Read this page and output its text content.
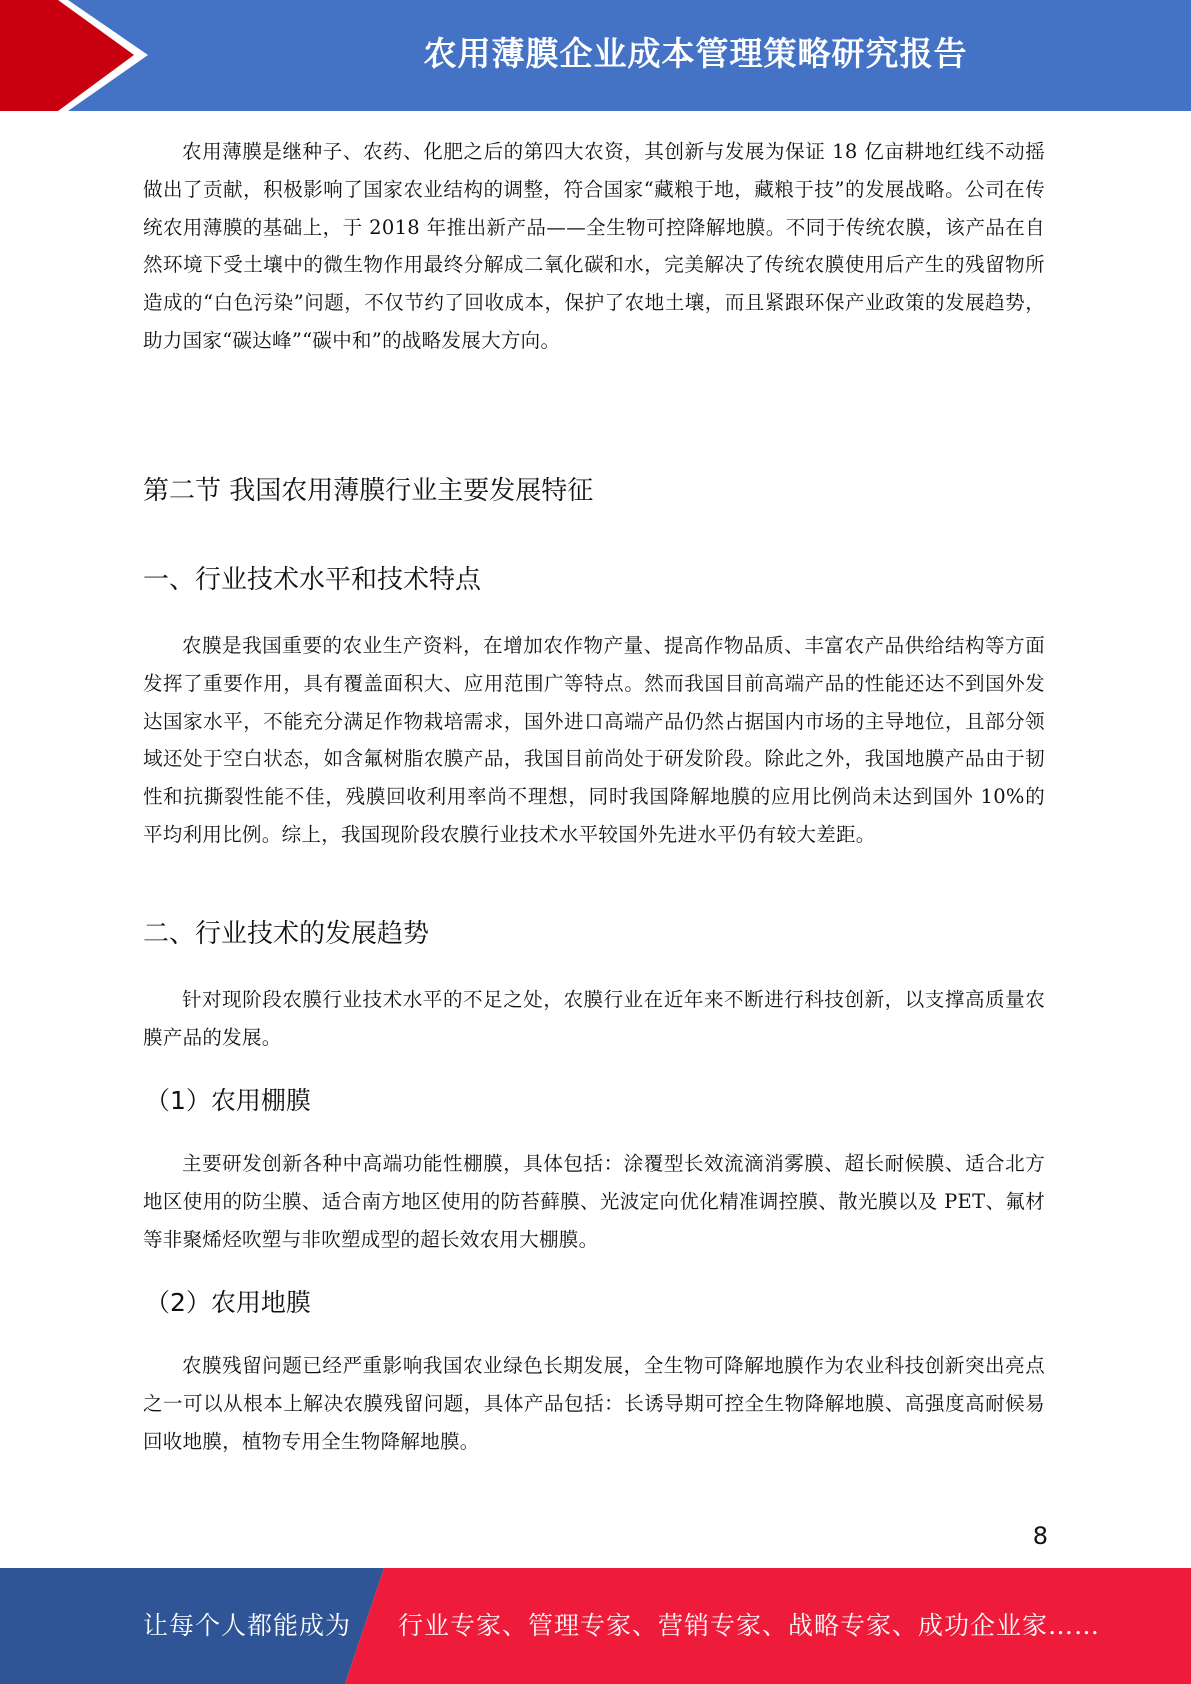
农用薄膜企业成本管理策略研究报告

农用薄膜是继种子、农药、化肥之后的第四大农资，其创新与发展为保证 18 亿亩耕地红线不动摇做出了贡献，积极影响了国家农业结构的调整，符合国家“藏粮于地，藏粮于技”的发展战略。公司在传统农用薄膜的基础上，于 2018 年推出新产品——全生物可控降解地膜。不同于传统农膜，该产品在自然环境下受土壤中的微生物作用最终分解成二氧化碳和水，完美解决了传统农膜使用后产生的残留物所造成的“白色污染”问题，不仅节约了回收成本，保护了农地土壤，而且紧跟环保产业政策的发展趋势，助力国家“碳达峰”“碳中和”的战略发展大方向。

第二节 我国农用薄膜行业主要发展特征
一、行业技术水平和技术特点

农膜是我国重要的农业生产资料，在增加农作物产量、提高作物品质、丰富农产品供给结构等方面发挥了重要作用，具有覆盖面积大、应用范围广等特点。然而我国目前高端产品的性能还达不到国外发达国家水平，不能充分满足作物栽培需求，国外进口高端产品仍然占据国内市场的主导地位，且部分领域还处于空白状态，如含氟树脂农膜产品，我国目前尚处于研发阶段。除此之外，我国地膜产品由于韧性和抗撕裂性能不佳，残膜回收利用率尚不理想，同时我国降解地膜的应用比例尚未达到国外 10%的平均利用比例。综上，我国现阶段农膜行业技术水平较国外先进水平仍有较大差距。

二、行业技术的发展趋势

针对现阶段农膜行业技术水平的不足之处，农膜行业在近年来不断进行科技创新，以支撑高质量农膜产品的发展。

（1）农用棚膜

主要研发创新各种中高端功能性棚膜，具体包括：涂覆型长效流滴消雾膜、超长耐候膜、适合北方地区使用的防尘膜、适合南方地区使用的防苔藓膜、光波定向优化精准调控膜、散光膜以及 PET、氟材等非聚烯烃吹塑与非吹塑成型的超长效农用大棚膜。

（2）农用地膜

农膜残留问题已经严重影响我国农业绿色长期发展，全生物可降解地膜作为农业科技创新突出亮点之一可以从根本上解决农膜残留问题，具体产品包括：长诱导期可控全生物降解地膜、高强度高耐候易回收地膜，植物专用全生物降解地膜。

8
让每个人都能成为 行业专家、管理专家、营销专家、战略专家、成功企业家……
